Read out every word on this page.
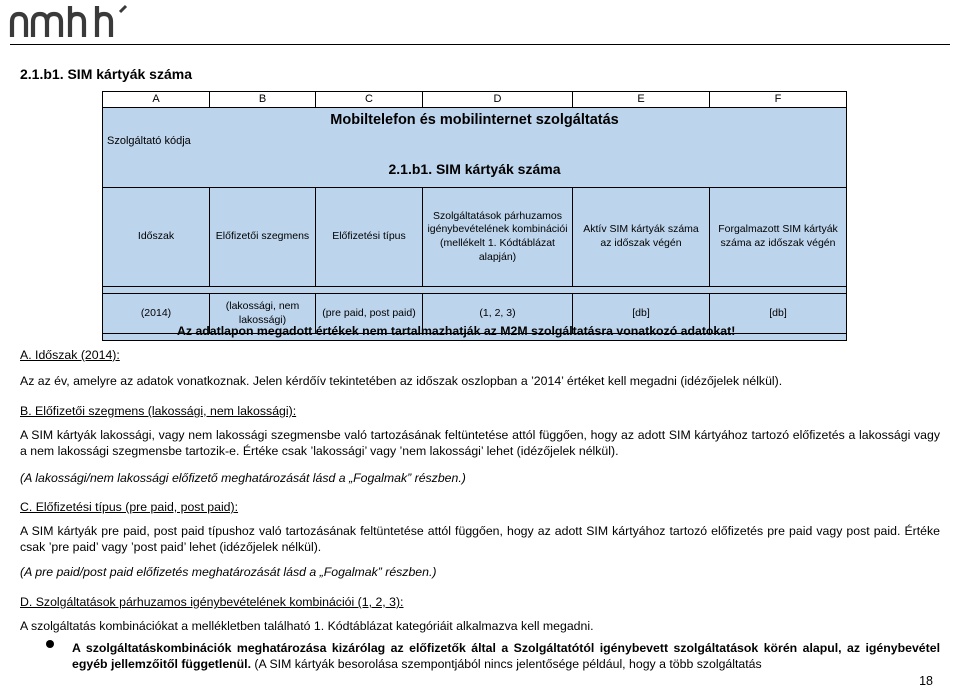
2.1.b1. SIM kártyák száma
A	B	C	D	E	F
Mobiltelefon és mobilinternet szolgáltatás					
Szolgáltató kódja					
2.1.b1. SIM kártyák száma					

Időszak	Előfizetői szegmens	Előfizetési típus	Szolgáltatások párhuzamos igénybevételének kombinációi (mellékelt 1. Kódtáblázat alapján)	Aktív SIM kártyák száma az időszak végén	Forgalmazott SIM kártyák száma az időszak végén

(2014)	(lakossági, nem lakossági)	(pre paid, post paid)	(1, 2, 3)	[db]	[db]

Az adatlapon megadott értékek nem tartalmazhatják az M2M szolgáltatásra vonatkozó adatokat!
A. Időszak (2014):
Az az év, amelyre az adatok vonatkoznak. Jelen kérdőív tekintetében az időszak oszlopban a ’2014’ értéket kell megadni (idézőjelek nélkül).
B. Előfizetői szegmens (lakossági, nem lakossági):
A SIM kártyák lakossági, vagy nem lakossági szegmensbe való tartozásának feltüntetése attól függően, hogy az adott SIM kártyához tartozó előfizetés a lakossági vagy a nem lakossági szegmensbe tartozik-e. Értéke csak ’lakossági’ vagy ’nem lakossági’ lehet (idézőjelek nélkül).
(A lakossági/nem lakossági előfizető meghatározását lásd a „Fogalmak” részben.)
C. Előfizetési típus (pre paid, post paid):
A SIM kártyák pre paid, post paid típushoz való tartozásának feltüntetése attól függően, hogy az adott SIM kártyához tartozó előfizetés pre paid vagy post paid. Értéke csak ’pre paid’ vagy ’post paid’ lehet (idézőjelek nélkül).
(A pre paid/post paid előfizetés meghatározását lásd a „Fogalmak” részben.)
D. Szolgáltatások párhuzamos igénybevételének kombinációi (1, 2, 3):
A szolgáltatás kombinációkat a mellékletben található 1. Kódtáblázat kategóriáit alkalmazva kell megadni.
A szolgáltatáskombinációk meghatározása kizárólag az előfizetők által a Szolgáltatótól igénybevett szolgáltatások körén alapul, az igénybevétel egyéb jellemzőitől függetlenül. (A SIM kártyák besorolása szempontjából nincs jelentősége például, hogy a több szolgáltatás
18
